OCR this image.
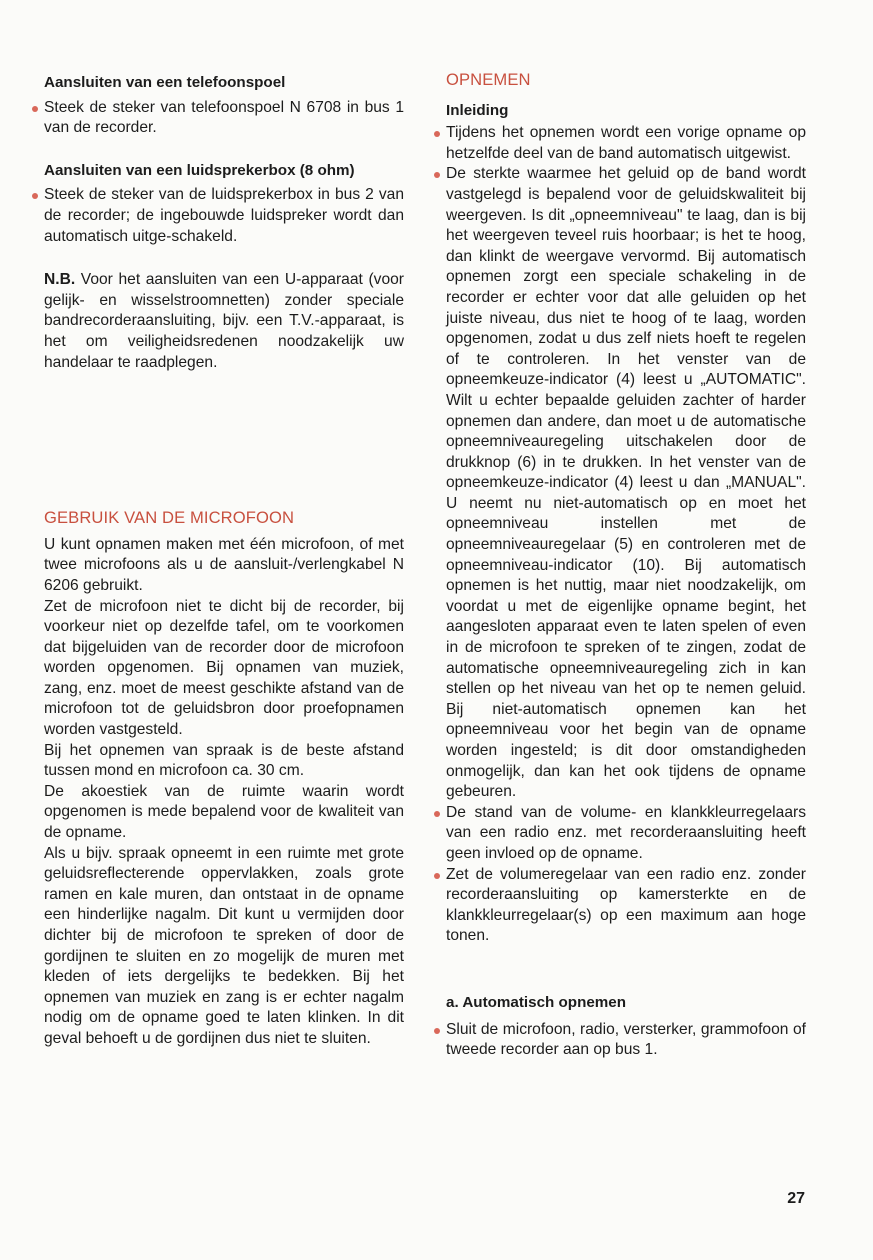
Aansluiten van een telefoonspoel

Steek de steker van telefoonspoel N 6708 in bus 1 van de recorder.

Aansluiten van een luidsprekerbox (8 ohm)

Steek de steker van de luidsprekerbox in bus 2 van de recorder; de ingebouwde luidspreker wordt dan automatisch uitge-schakeld.

N.B. Voor het aansluiten van een U-apparaat (voor gelijk- en wisselstroomnetten) zonder speciale bandrecorderaansluiting, bijv. een T.V.-apparaat, is het om veiligheidsredenen noodzakelijk uw handelaar te raadplegen.

GEBRUIK VAN DE MICROFOON

U kunt opnamen maken met één microfoon, of met twee microfoons als u de aansluit-/verlengkabel N 6206 gebruikt.

Zet de microfoon niet te dicht bij de recorder, bij voorkeur niet op dezelfde tafel, om te voorkomen dat bijgeluiden van de recorder door de microfoon worden opgenomen. Bij opnamen van muziek, zang, enz. moet de meest geschikte afstand van de microfoon tot de geluidsbron door proefopnamen worden vastgesteld.

Bij het opnemen van spraak is de beste afstand tussen mond en microfoon ca. 30 cm.

De akoestiek van de ruimte waarin wordt opgenomen is mede bepalend voor de kwaliteit van de opname.

Als u bijv. spraak opneemt in een ruimte met grote geluidsreflecterende oppervlakken, zoals grote ramen en kale muren, dan ontstaat in de opname een hinderlijke nagalm. Dit kunt u vermijden door dichter bij de microfoon te spreken of door de gordijnen te sluiten en zo mogelijk de muren met kleden of iets dergelijks te bedekken. Bij het opnemen van muziek en zang is er echter nagalm nodig om de opname goed te laten klinken. In dit geval behoeft u de gordijnen dus niet te sluiten.

OPNEMEN

Inleiding

Tijdens het opnemen wordt een vorige opname op hetzelfde deel van de band automatisch uitgewist.

De sterkte waarmee het geluid op de band wordt vastgelegd is bepalend voor de geluidskwaliteit bij weergeven. Is dit „opneemniveau" te laag, dan is bij het weergeven teveel ruis hoorbaar; is het te hoog, dan klinkt de weergave vervormd. Bij automatisch opnemen zorgt een speciale schakeling in de recorder er echter voor dat alle geluiden op het juiste niveau, dus niet te hoog of te laag, worden opgenomen, zodat u dus zelf niets hoeft te regelen of te controleren. In het venster van de opneemkeuze-indicator (4) leest u „AUTOMATIC". Wilt u echter bepaalde geluiden zachter of harder opnemen dan andere, dan moet u de automatische opneemniveauregeling uitschakelen door de drukknop (6) in te drukken. In het venster van de opneemkeuze-indicator (4) leest u dan „MANUAL". U neemt nu niet-automatisch op en moet het opneemniveau instellen met de opneemniveauregelaar (5) en controleren met de opneemniveau-indicator (10). Bij automatisch opnemen is het nuttig, maar niet noodzakelijk, om voordat u met de eigenlijke opname begint, het aangesloten apparaat even te laten spelen of even in de microfoon te spreken of te zingen, zodat de automatische opneemniveauregeling zich in kan stellen op het niveau van het op te nemen geluid. Bij niet-automatisch opnemen kan het opneemniveau voor het begin van de opname worden ingesteld; is dit door omstandigheden onmogelijk, dan kan het ook tijdens de opname gebeuren.

De stand van de volume- en klankkleurregelaars van een radio enz. met recorderaansluiting heeft geen invloed op de opname.

Zet de volumeregelaar van een radio enz. zonder recorderaansluiting op kamersterkte en de klankkleurregelaar(s) op een maximum aan hoge tonen.

a. Automatisch opnemen

Sluit de microfoon, radio, versterker, grammofoon of tweede recorder aan op bus 1.

27
